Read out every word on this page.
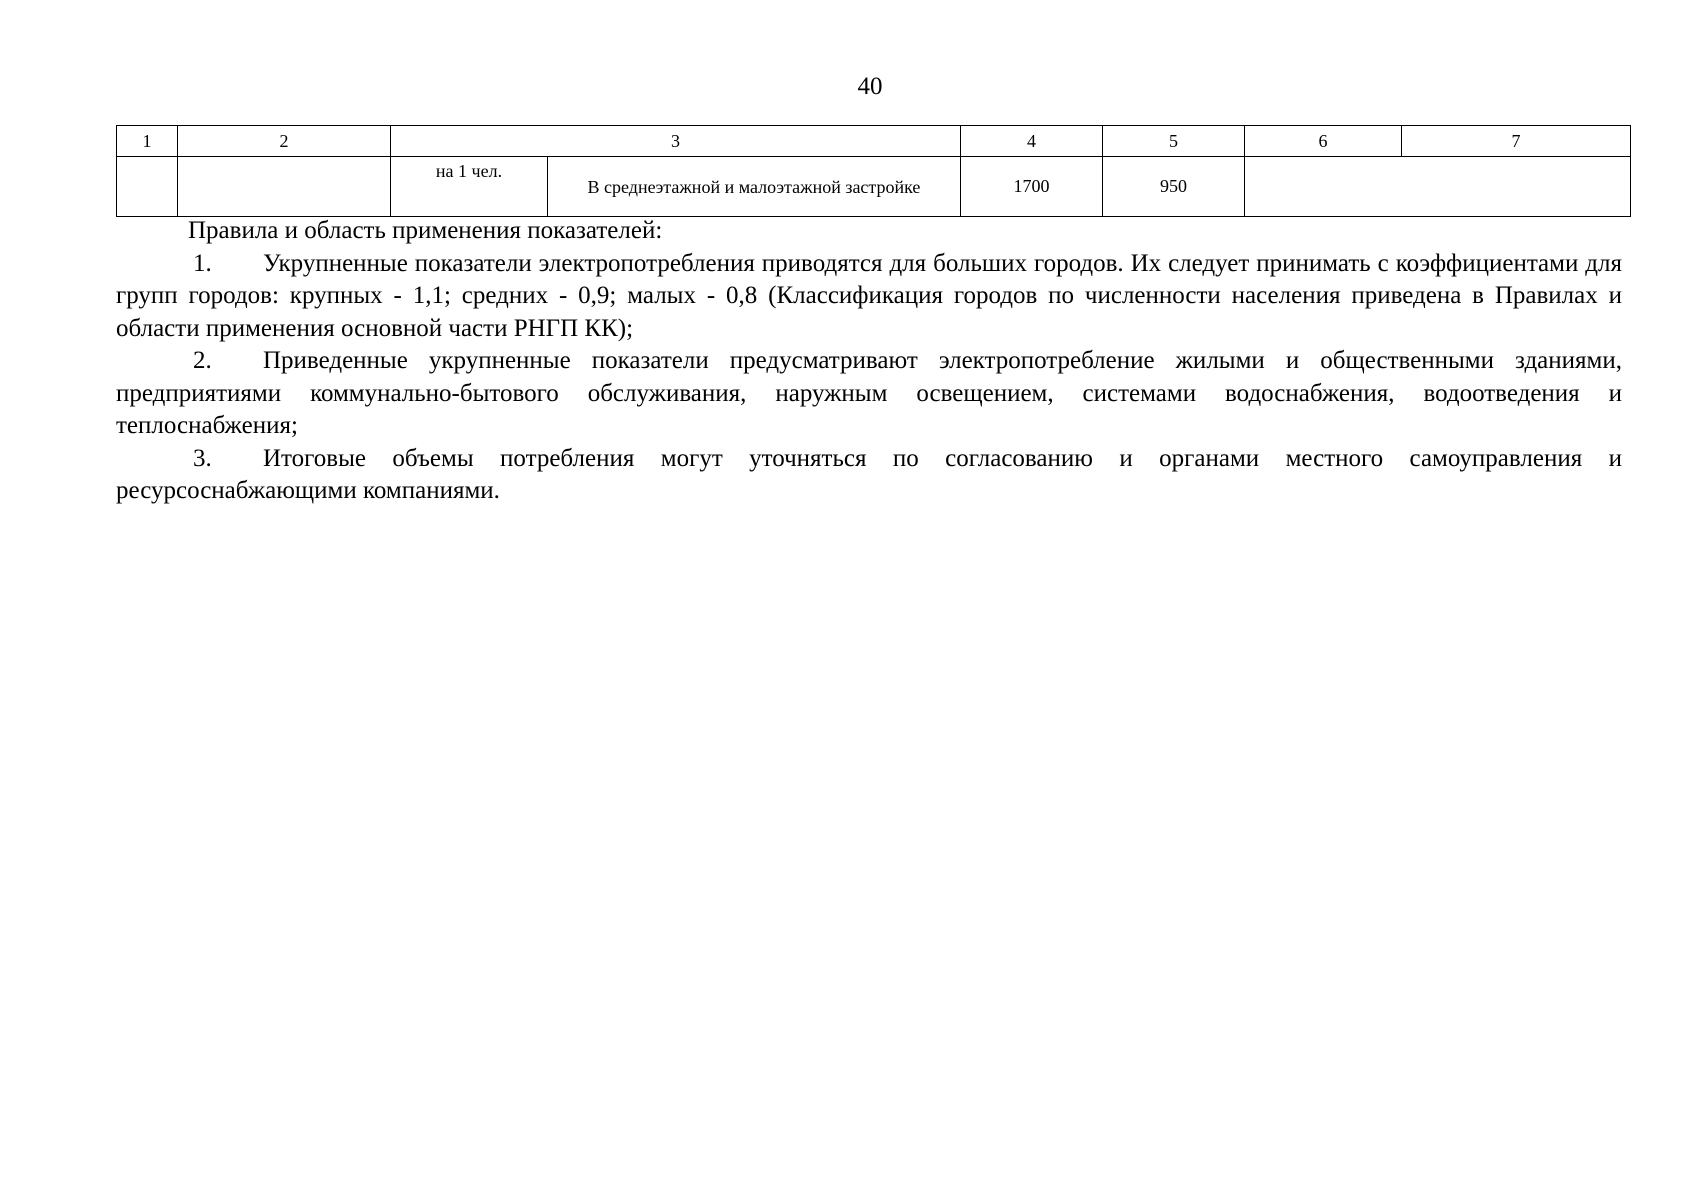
40
1	2	3		4	5	6	7
		на 1 чел.	В среднеэтажной и малоэтажной застройке	1700	950		

Правила и область применения показателей:

1. Укрупненные показатели электропотребления приводятся для больших городов. Их следует принимать с коэффициентами для групп городов: крупных - 1,1; средних - 0,9; малых - 0,8 (Классификация городов по численности населения приведена в Правилах и области применения основной части РНГП КК);

2. Приведенные укрупненные показатели предусматривают электропотребление жилыми и общественными зданиями, предприятиями коммунально-бытового обслуживания, наружным освещением, системами водоснабжения, водоотведения и теплоснабжения;

3. Итоговые объемы потребления могут уточняться по согласованию и органами местного самоуправления и ресурсоснабжающими компаниями.
